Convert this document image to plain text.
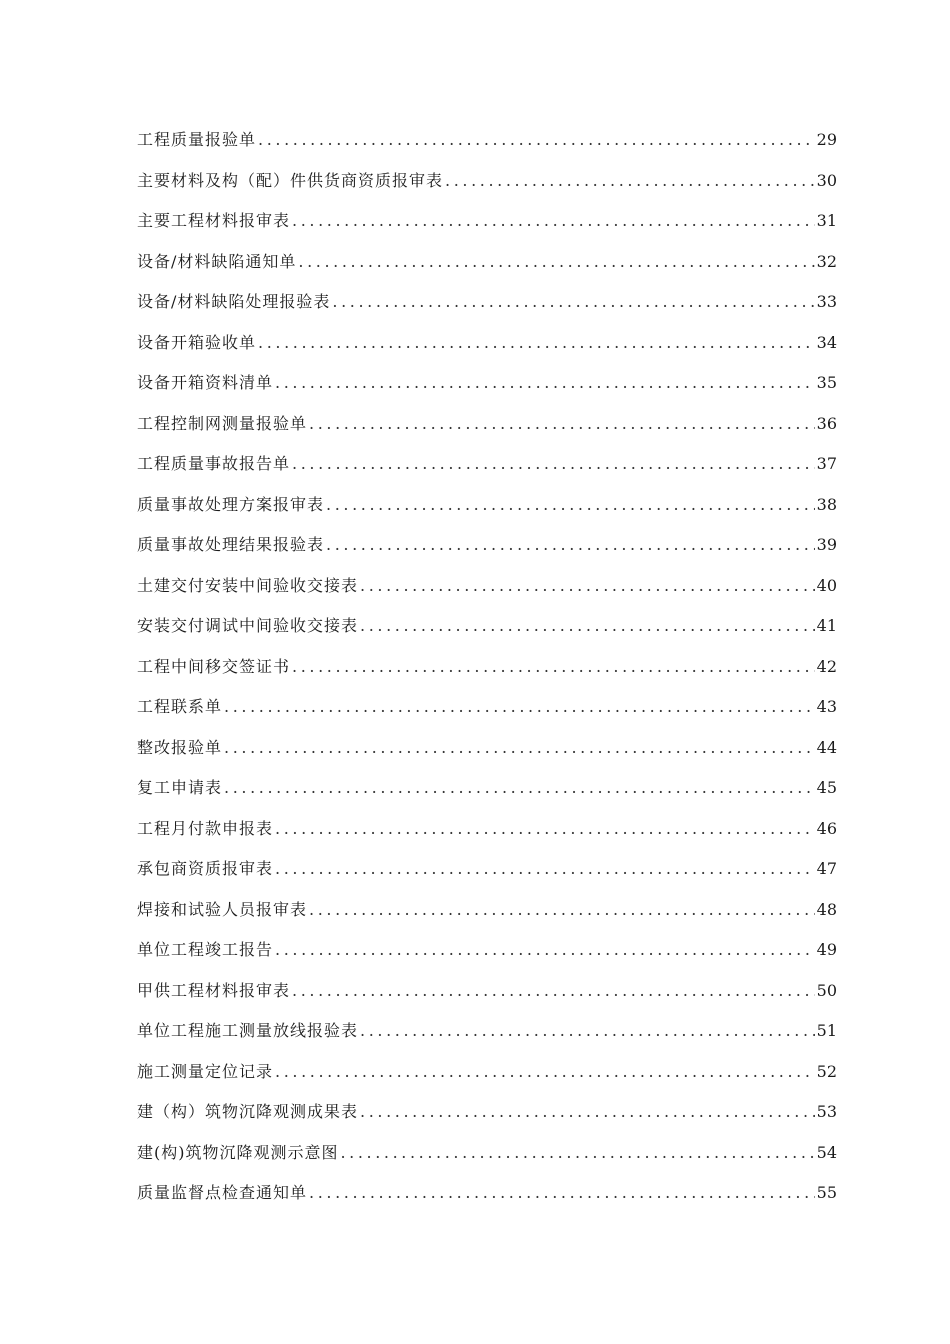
工程质量报验单 .....	29
主要材料及构（配）件供货商资质报审表 .....	30
主要工程材料报审表 .....	31
设备/材料缺陷通知单 .....	32
设备/材料缺陷处理报验表 .....	33
设备开箱验收单 .....	34
设备开箱资料清单 .....	35
工程控制网测量报验单 .....	36
工程质量事故报告单 .....	37
质量事故处理方案报审表 .....	38
质量事故处理结果报验表 .....	39
土建交付安装中间验收交接表 .....	40
安装交付调试中间验收交接表 .....	41
工程中间移交签证书 .....	42
工程联系单 .....	43
整改报验单 .....	44
复工申请表 .....	45
工程月付款申报表 .....	46
承包商资质报审表 .....	47
焊接和试验人员报审表 .....	48
单位工程竣工报告 .....	49
甲供工程材料报审表 .....	50
单位工程施工测量放线报验表 .....	51
施工测量定位记录 .....	52
建（构）筑物沉降观测成果表 .....	53
建(构)筑物沉降观测示意图 .....	54
质量监督点检查通知单 .....	55
